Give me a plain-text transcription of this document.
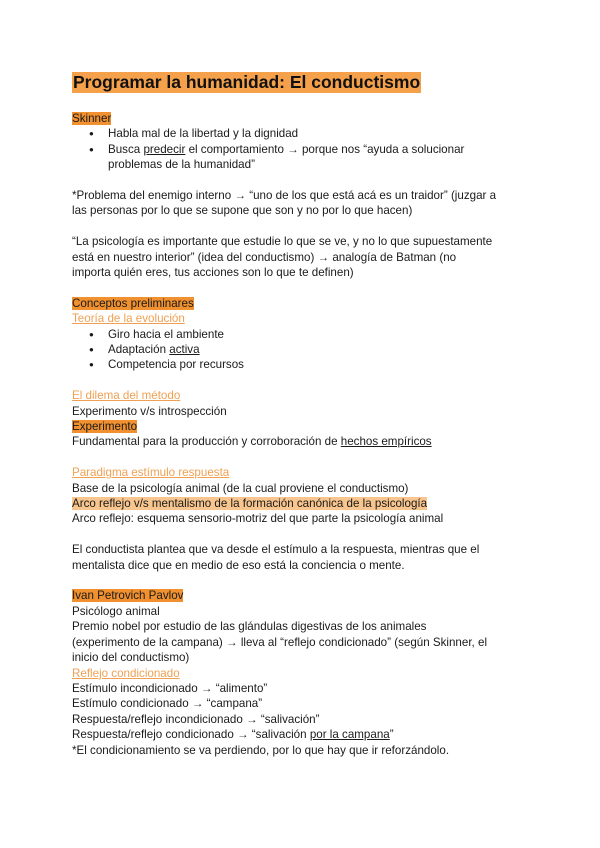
Programar la humanidad: El conductismo

Skinner

● Habla mal de la libertad y la dignidad
● Busca predecir el comportamiento → porque nos “ayuda a solucionar
problemas de la humanidad”

*Problema del enemigo interno → “uno de los que está acá es un traidor” (juzgar a

las personas por lo que se supone que son y no por lo que hacen)

“La psicología es importante que estudie lo que se ve, y no lo que supuestamente

está en nuestro interior” (idea del conductismo) → analogía de Batman (no

importa quién eres, tus acciones son lo que te definen)

Conceptos preliminares

Teoría de la evolución

● Giro hacia el ambiente
● Adaptación activa
● Competencia por recursos

El dilema del método

Experimento v/s introspección

Experimento

Fundamental para la producción y corroboración de hechos empíricos

Paradigma estímulo respuesta

Base de la psicología animal (de la cual proviene el conductismo)

Arco reflejo v/s mentalismo de la formación canónica de la psicología

Arco reflejo: esquema sensorio-motriz del que parte la psicología animal

El conductista plantea que va desde el estímulo a la respuesta, mientras que el

mentalista dice que en medio de eso está la conciencia o mente.

Ivan Petrovich Pavlov

Psicólogo animal

Premio nobel por estudio de las glándulas digestivas de los animales

(experimento de la campana) → lleva al “reflejo condicionado” (según Skinner, el

inicio del conductismo)

Reflejo condicionado

Estímulo incondicionado → “alimento”

Estímulo condicionado → “campana”

Respuesta/reflejo incondicionado → “salivación”

Respuesta/reflejo condicionado → “salivación por la campana”

*El condicionamiento se va perdiendo, por lo que hay que ir reforzándolo.
